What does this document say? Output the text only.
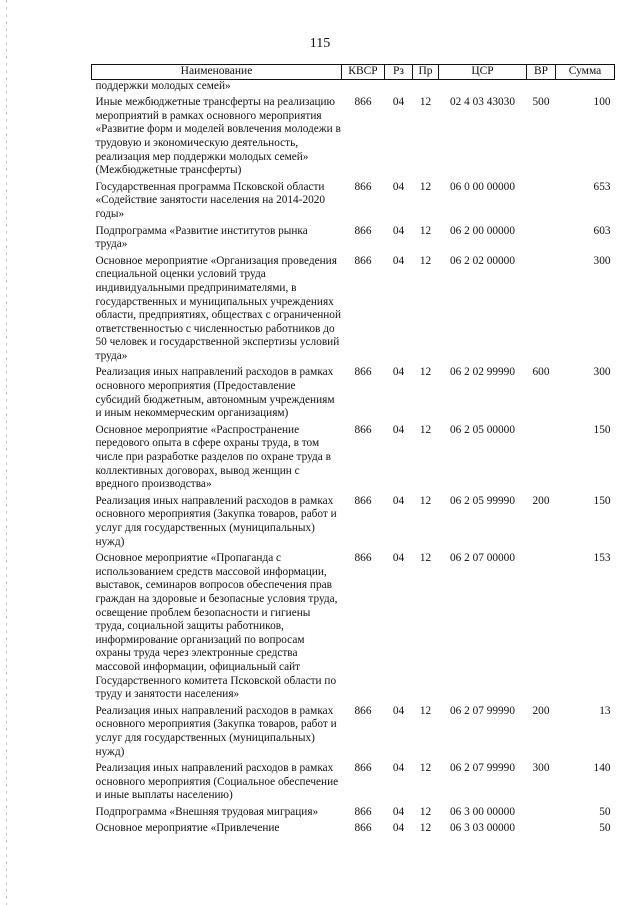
115
Наименование	КВСР	Рз	Пр	ЦСР	ВР	Сумма
поддержки молодых семей»						
Иные межбюджетные трансферты на реализацию мероприятий в рамках основного мероприятия «Развитие форм и моделей вовлечения молодежи в трудовую и экономическую деятельность, реализация мер поддержки молодых семей» (Межбюджетные трансферты)	866	04	12	02 4 03 43030	500	100
Государственная программа Псковской области «Содействие занятости населения на 2014-2020 годы»	866	04	12	06 0 00 00000		653
Подпрограмма «Развитие институтов рынка труда»	866	04	12	06 2 00 00000		603
Основное мероприятие «Организация проведения специальной оценки условий труда индивидуальными предпринимателями, в государственных и муниципальных учреждениях области, предприятиях, обществах с ограниченной ответственностью с численностью работников до 50 человек и государственной экспертизы условий труда»	866	04	12	06 2 02 00000		300
Реализация иных направлений расходов в рамках основного мероприятия (Предоставление субсидий бюджетным, автономным учреждениям и иным некоммерческим организациям)	866	04	12	06 2 02 99990	600	300
Основное мероприятие «Распространение передового опыта в сфере охраны труда, в том числе при разработке разделов по охране труда в коллективных договорах, вывод женщин с вредного производства»	866	04	12	06 2 05 00000		150
Реализация иных направлений расходов в рамках основного мероприятия (Закупка товаров, работ и услуг для государственных (муниципальных) нужд)	866	04	12	06 2 05 99990	200	150
Основное мероприятие «Пропаганда с использованием средств массовой информации, выставок, семинаров вопросов обеспечения прав граждан на здоровые и безопасные условия труда, освещение проблем безопасности и гигиены труда, социальной защиты работников, информирование организаций по вопросам охраны труда через электронные средства массовой информации, официальный сайт Государственного комитета Псковской области по труду и занятости населения»	866	04	12	06 2 07 00000		153
Реализация иных направлений расходов в рамках основного мероприятия (Закупка товаров, работ и услуг для государственных (муниципальных) нужд)	866	04	12	06 2 07 99990	200	13
Реализация иных направлений расходов в рамках основного мероприятия (Социальное обеспечение и иные выплаты населению)	866	04	12	06 2 07 99990	300	140
Подпрограмма «Внешняя трудовая миграция»	866	04	12	06 3 00 00000		50
Основное мероприятие «Привлечение	866	04	12	06 3 03 00000		50
